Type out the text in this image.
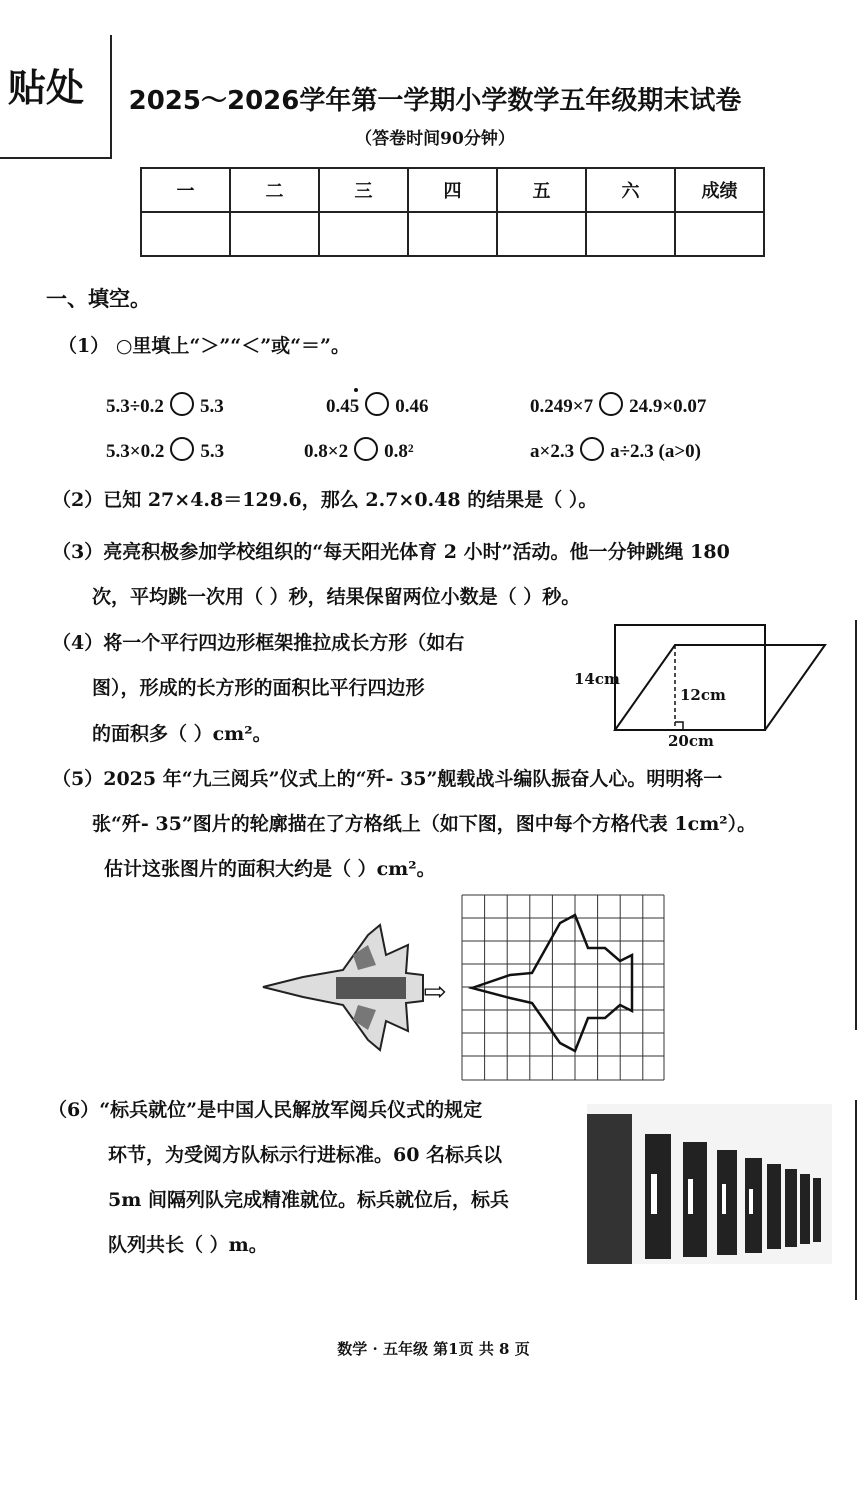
贴处 2025～2026学年第一学期小学数学五年级期末试卷
（答卷时间90分钟）
一	二	三	四	五	六	成绩

一、填空。
（1） ○里填上“＞”“＜”或“＝”。
5.3÷0.2 5.3	0.45 0.46	0.249×7 24.9×0.07
5.3×0.2 5.3	0.8×2 0.8²	a×2.3 a÷2.3 (a>0)
（2）已知 27×4.8＝129.6，那么 2.7×0.48 的结果是（ ）。
（3）亮亮积极参加学校组织的“每天阳光体育 2 小时”活动。他一分钟跳绳 180
次，平均跳一次用（ ）秒，结果保留两位小数是（ ）秒。
（4）将一个平行四边形框架推拉成长方形（如右
图），形成的长方形的面积比平行四边形
的面积多（ ）cm²。
14cm
12cm
20cm
（5）2025 年“九三阅兵”仪式上的“歼- 35”舰载战斗编队振奋人心。明明将一
张“歼- 35”图片的轮廓描在了方格纸上（如下图，图中每个方格代表 1cm²）。
估计这张图片的面积大约是（ ）cm²。
⇨
（6）“标兵就位”是中国人民解放军阅兵仪式的规定
环节，为受阅方队标示行进标准。60 名标兵以
5m 间隔列队完成精准就位。标兵就位后，标兵
队列共长（ ）m。
数学 · 五年级 第1页 共 8 页
